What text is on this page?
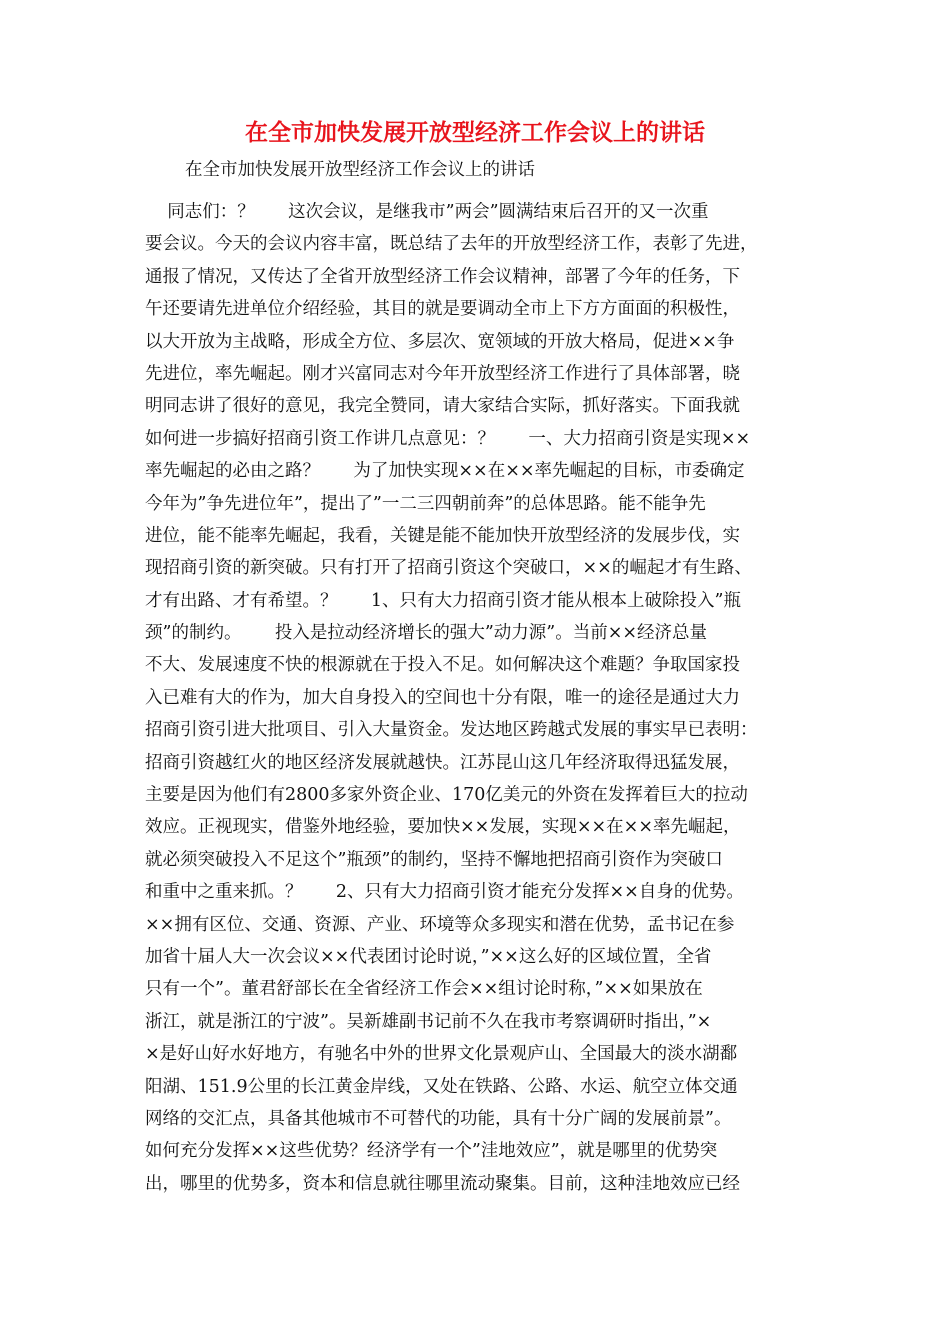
在全市加快发展开放型经济工作会议上的讲话
在全市加快发展开放型经济工作会议上的讲话
同志们：？      这次会议，是继我市”两会”圆满结束后召开的又一次重
要会议。今天的会议内容丰富，既总结了去年的开放型经济工作，表彰了先进，
通报了情况，又传达了全省开放型经济工作会议精神，部署了今年的任务，下
午还要请先进单位介绍经验，其目的就是要调动全市上下方方面面的积极性，
以大开放为主战略，形成全方位、多层次、宽领域的开放大格局，促进××争
先进位，率先崛起。刚才兴富同志对今年开放型经济工作进行了具体部署，晓
明同志讲了很好的意见，我完全赞同，请大家结合实际，抓好落实。下面我就
如何进一步搞好招商引资工作讲几点意见：？      一、大力招商引资是实现××
率先崛起的必由之路？      为了加快实现××在××率先崛起的目标，市委确定
今年为”争先进位年”，提出了”一二三四朝前奔”的总体思路。能不能争先
进位，能不能率先崛起，我看，关键是能不能加快开放型经济的发展步伐，实
现招商引资的新突破。只有打开了招商引资这个突破口，××的崛起才有生路、
才有出路、才有希望。？      1、只有大力招商引资才能从根本上破除投入”瓶
颈”的制约。      投入是拉动经济增长的强大”动力源”。当前××经济总量
不大、发展速度不快的根源就在于投入不足。如何解决这个难题？争取国家投
入已难有大的作为，加大自身投入的空间也十分有限，唯一的途径是通过大力
招商引资引进大批项目、引入大量资金。发达地区跨越式发展的事实早已表明：
招商引资越红火的地区经济发展就越快。江苏昆山这几年经济取得迅猛发展，
主要是因为他们有2800多家外资企业、170亿美元的外资在发挥着巨大的拉动
效应。正视现实，借鉴外地经验，要加快××发展，实现××在××率先崛起，
就必须突破投入不足这个”瓶颈”的制约，坚持不懈地把招商引资作为突破口
和重中之重来抓。？      2、只有大力招商引资才能充分发挥××自身的优势。
××拥有区位、交通、资源、产业、环境等众多现实和潜在优势，孟书记在参
加省十届人大一次会议××代表团讨论时说，”××这么好的区域位置，全省
只有一个”。董君舒部长在全省经济工作会××组讨论时称，”××如果放在
浙江，就是浙江的宁波”。吴新雄副书记前不久在我市考察调研时指出，”×
×是好山好水好地方，有驰名中外的世界文化景观庐山、全国最大的淡水湖鄱
阳湖、151.9公里的长江黄金岸线，又处在铁路、公路、水运、航空立体交通
网络的交汇点，具备其他城市不可替代的功能，具有十分广阔的发展前景”。
如何充分发挥××这些优势？经济学有一个”洼地效应”，就是哪里的优势突
出，哪里的优势多，资本和信息就往哪里流动聚集。目前，这种洼地效应已经
